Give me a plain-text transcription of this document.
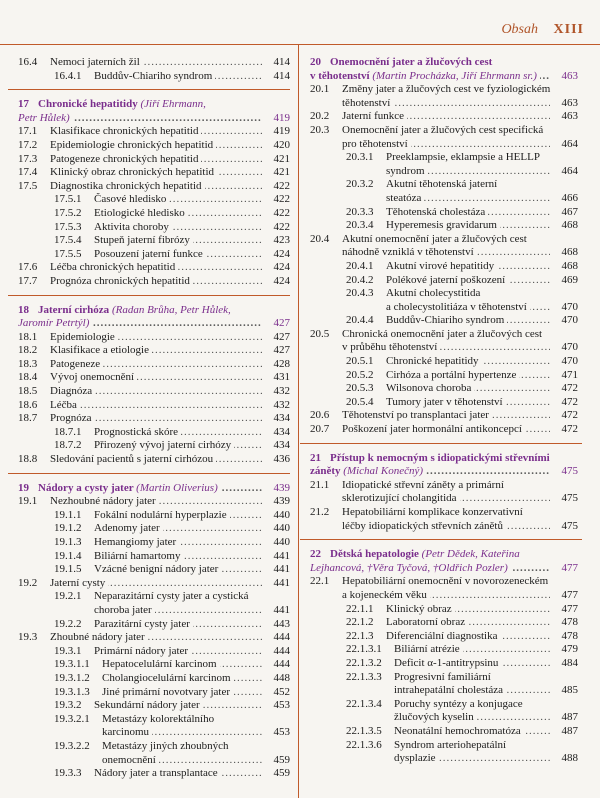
Obsah XIII
16.4	Nemoci jaterních žil .....	414
16.4.1	Buddův-Chiariho syndrom .....	414
17 Chronické hepatitidy (Jiří Ehrmann,
Petr Hůlek) .....	419
17.1	Klasifikace chronických hepatitid .....	419
17.2	Epidemiologie chronických hepatitid .....	420
17.3	Patogeneze chronických hepatitid .....	421
17.4	Klinický obraz chronických hepatitid .....	421
17.5	Diagnostika chronických hepatitid .....	422
17.5.1	Časové hledisko .....	422
17.5.2	Etiologické hledisko .....	422
17.5.3	Aktivita choroby .....	422
17.5.4	Stupeň jaterní fibrózy .....	423
17.5.5	Posouzení jaterní funkce .....	424
17.6	Léčba chronických hepatitid .....	424
17.7	Prognóza chronických hepatitid .....	424
18 Jaterní cirhóza (Radan Brůha, Petr Hůlek,
Jaromír Petrtýl) .....	427
18.1	Epidemiologie .....	427
18.2	Klasifikace a etiologie .....	427
18.3	Patogeneze .....	428
18.4	Vývoj onemocnění .....	431
18.5	Diagnóza .....	432
18.6	Léčba .....	432
18.7	Prognóza .....	434
18.7.1	Prognostická skóre .....	434
18.7.2	Přirozený vývoj jaterní cirhózy .....	434
18.8	Sledování pacientů s jaterní cirhózou .....	436
19 Nádory a cysty jater (Martin Oliverius) .....	439
19.1	Nezhoubné nádory jater .....	439
19.1.1	Fokální nodulární hyperplazie .....	440
19.1.2	Adenomy jater .....	440
19.1.3	Hemangiomy jater .....	440
19.1.4	Biliární hamartomy .....	441
19.1.5	Vzácné benigní nádory jater .....	441
19.2	Jaterní cysty .....	441
19.2.1	Neparazitární cysty jater a cystická
choroba jater .....	441
19.2.2	Parazitární cysty jater .....	443
19.3	Zhoubné nádory jater .....	444
19.3.1	Primární nádory jater .....	444
19.3.1.1	Hepatocelulární karcinom .....	444
19.3.1.2	Cholangiocelulární karcinom .....	448
19.3.1.3	Jiné primární novotvary jater .....	452
19.3.2	Sekundární nádory jater .....	453
19.3.2.1	Metastázy kolorektálního
karcinomu .....	453
19.3.2.2	Metastázy jiných zhoubných
onemocnění .....	459
19.3.3	Nádory jater a transplantace .....	459
20 Onemocnění jater a žlučových cest
v těhotenství (Martin Procházka, Jiří Ehrmann sr.) .....	463
20.1	Změny jater a žlučových cest ve fyziologickém
těhotenství .....	463
20.2	Jaterní funkce .....	463
20.3	Onemocnění jater a žlučových cest specifická
pro těhotenství .....	464
20.3.1	Preeklampsie, eklampsie a HELLP
syndrom .....	464
20.3.2	Akutní těhotenská jaterní
steatóza .....	466
20.3.3	Těhotenská cholestáza .....	467
20.3.4	Hyperemesis gravidarum .....	468
20.4	Akutní onemocnění jater a žlučových cest
náhodně vzniklá v těhotenství .....	468
20.4.1	Akutní virové hepatitidy .....	468
20.4.2	Polékové jaterní poškození .....	469
20.4.3	Akutní cholecystitida
a cholecystolitiáza v těhotenství .....	470
20.4.4	Buddův-Chiariho syndrom .....	470
20.5	Chronická onemocnění jater a žlučových cest
v průběhu těhotenství .....	470
20.5.1	Chronické hepatitidy .....	470
20.5.2	Cirhóza a portální hypertenze .....	471
20.5.3	Wilsonova choroba .....	472
20.5.4	Tumory jater v těhotenství .....	472
20.6	Těhotenství po transplantaci jater .....	472
20.7	Poškození jater hormonální antikoncepcí .....	472
21 Přístup k nemocným s idiopatickými střevními
záněty (Michal Konečný) .....	475
21.1	Idiopatické střevní záněty a primární
sklerotizující cholangitida .....	475
21.2	Hepatobiliární komplikace konzervativní
léčby idiopatických střevních zánětů .....	475
22 Dětská hepatologie (Petr Dědek, Kateřina
Lejhancová, †Věra Tyčová, †Oldřich Pozler) .....	477
22.1	Hepatobiliární onemocnění v novorozeneckém
a kojeneckém věku .....	477
22.1.1	Klinický obraz .....	477
22.1.2	Laboratorní obraz .....	478
22.1.3	Diferenciální diagnostika .....	478
22.1.3.1	Biliární atrézie .....	479
22.1.3.2	Deficit α-1-antitrypsinu .....	484
22.1.3.3	Progresivní familiární
intrahepatální cholestáza .....	485
22.1.3.4	Poruchy syntézy a konjugace
žlučových kyselin .....	487
22.1.3.5	Neonatální hemochromatóza .....	487
22.1.3.6	Syndrom arteriohepatální
dysplazie .....	488
